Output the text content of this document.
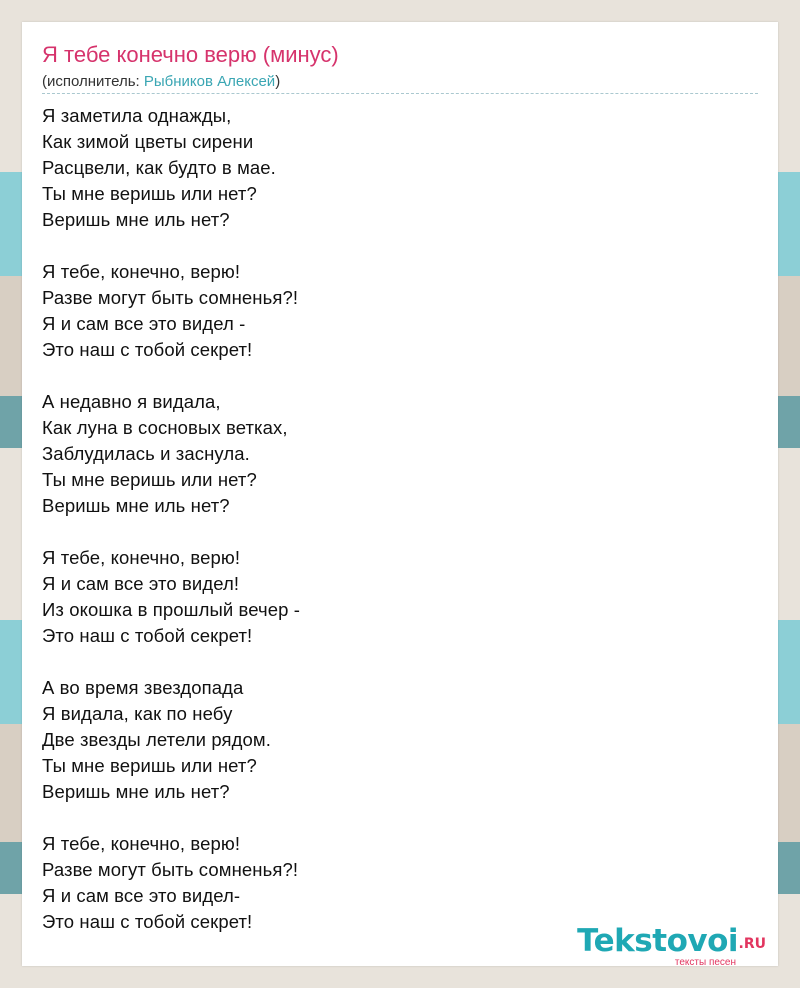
Я тебе конечно верю (минус)
(исполнитель: Рыбников Алексей)
Я заметила однажды,
Как зимой цветы сирени
Расцвели, как будто в мае.
Ты мне веришь или нет?
Веришь мне иль нет?
Я тебе, конечно, верю!
Разве могут быть сомненья?!
Я и сам все это видел -
Это наш с тобой секрет!
А недавно я видала,
Как луна в сосновых ветках,
Заблудилась и заснула.
Ты мне веришь или нет?
Веришь мне иль нет?
Я тебе, конечно, верю!
Я и сам все это видел!
Из окошка в прошлый вечер -
Это наш с тобой секрет!
А во время звездопада
Я видала, как по небу
Две звезды летели рядом.
Ты мне веришь или нет?
Веришь мне иль нет?
Я тебе, конечно, верю!
Разве могут быть сомненья?!
Я и сам все это видел-
Это наш с тобой секрет!
Tekstovoi .RU
тексты песен
